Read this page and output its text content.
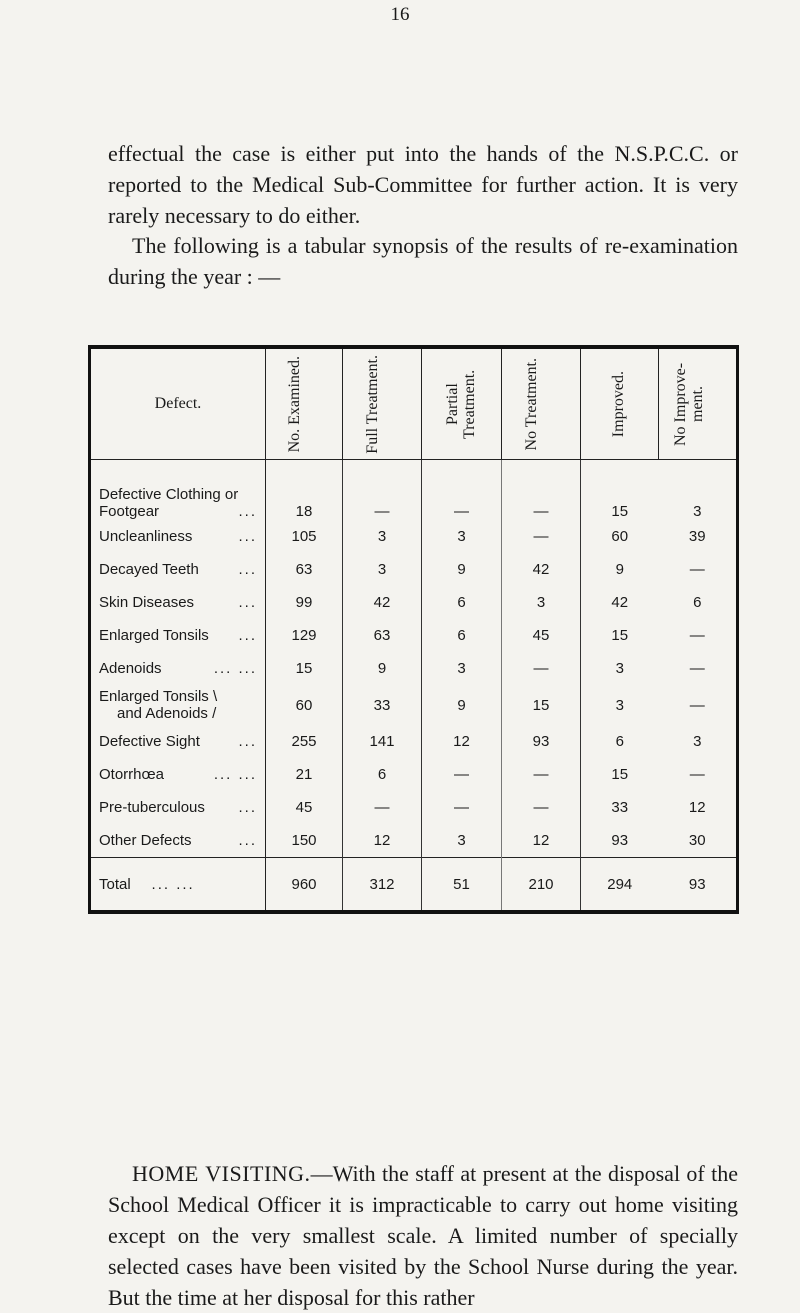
16

effectual the case is either put into the hands of the N.S.P.C.C. or reported to the Medical Sub-Committee for further action. It is very rarely necessary to do either.

The following is a tabular synopsis of the results of re-examination during the year : —

Defect.	No. Examined.	Full Treatment.	Partial Treatment.	No Treatment.	Improved.	No Improve- ment.

Defective Clothing or

...
Footgear	18	—	—	—	15	3
Uncleanliness ...	105	3	3	—	60	39
Decayed Teeth ...	63	3	9	42	9	—
Skin Diseases ...	99	42	6	3	42	6
Enlarged Tonsils ...	129	63	6	45	15	—
Adenoids ... ...	15	9	3	—	3	—
Enlarged Tonsils \
and Adenoids /	60	33	9	15	3	—
Defective Sight ...	255	141	12	93	6	3
Otorrhœa ... ...	21	6	—	—	15	—
Pre-tuberculous ...	45	—	—	—	33	12
Other Defects ...	150	12	3	12	93	30
Total ... ...	960	312	51	210	294	93

HOME VISITING.—With the staff at present at the disposal of the School Medical Officer it is impracticable to carry out home visiting except on the very smallest scale. A limited number of specially selected cases have been visited by the School Nurse during the year. But the time at her disposal for this rather
